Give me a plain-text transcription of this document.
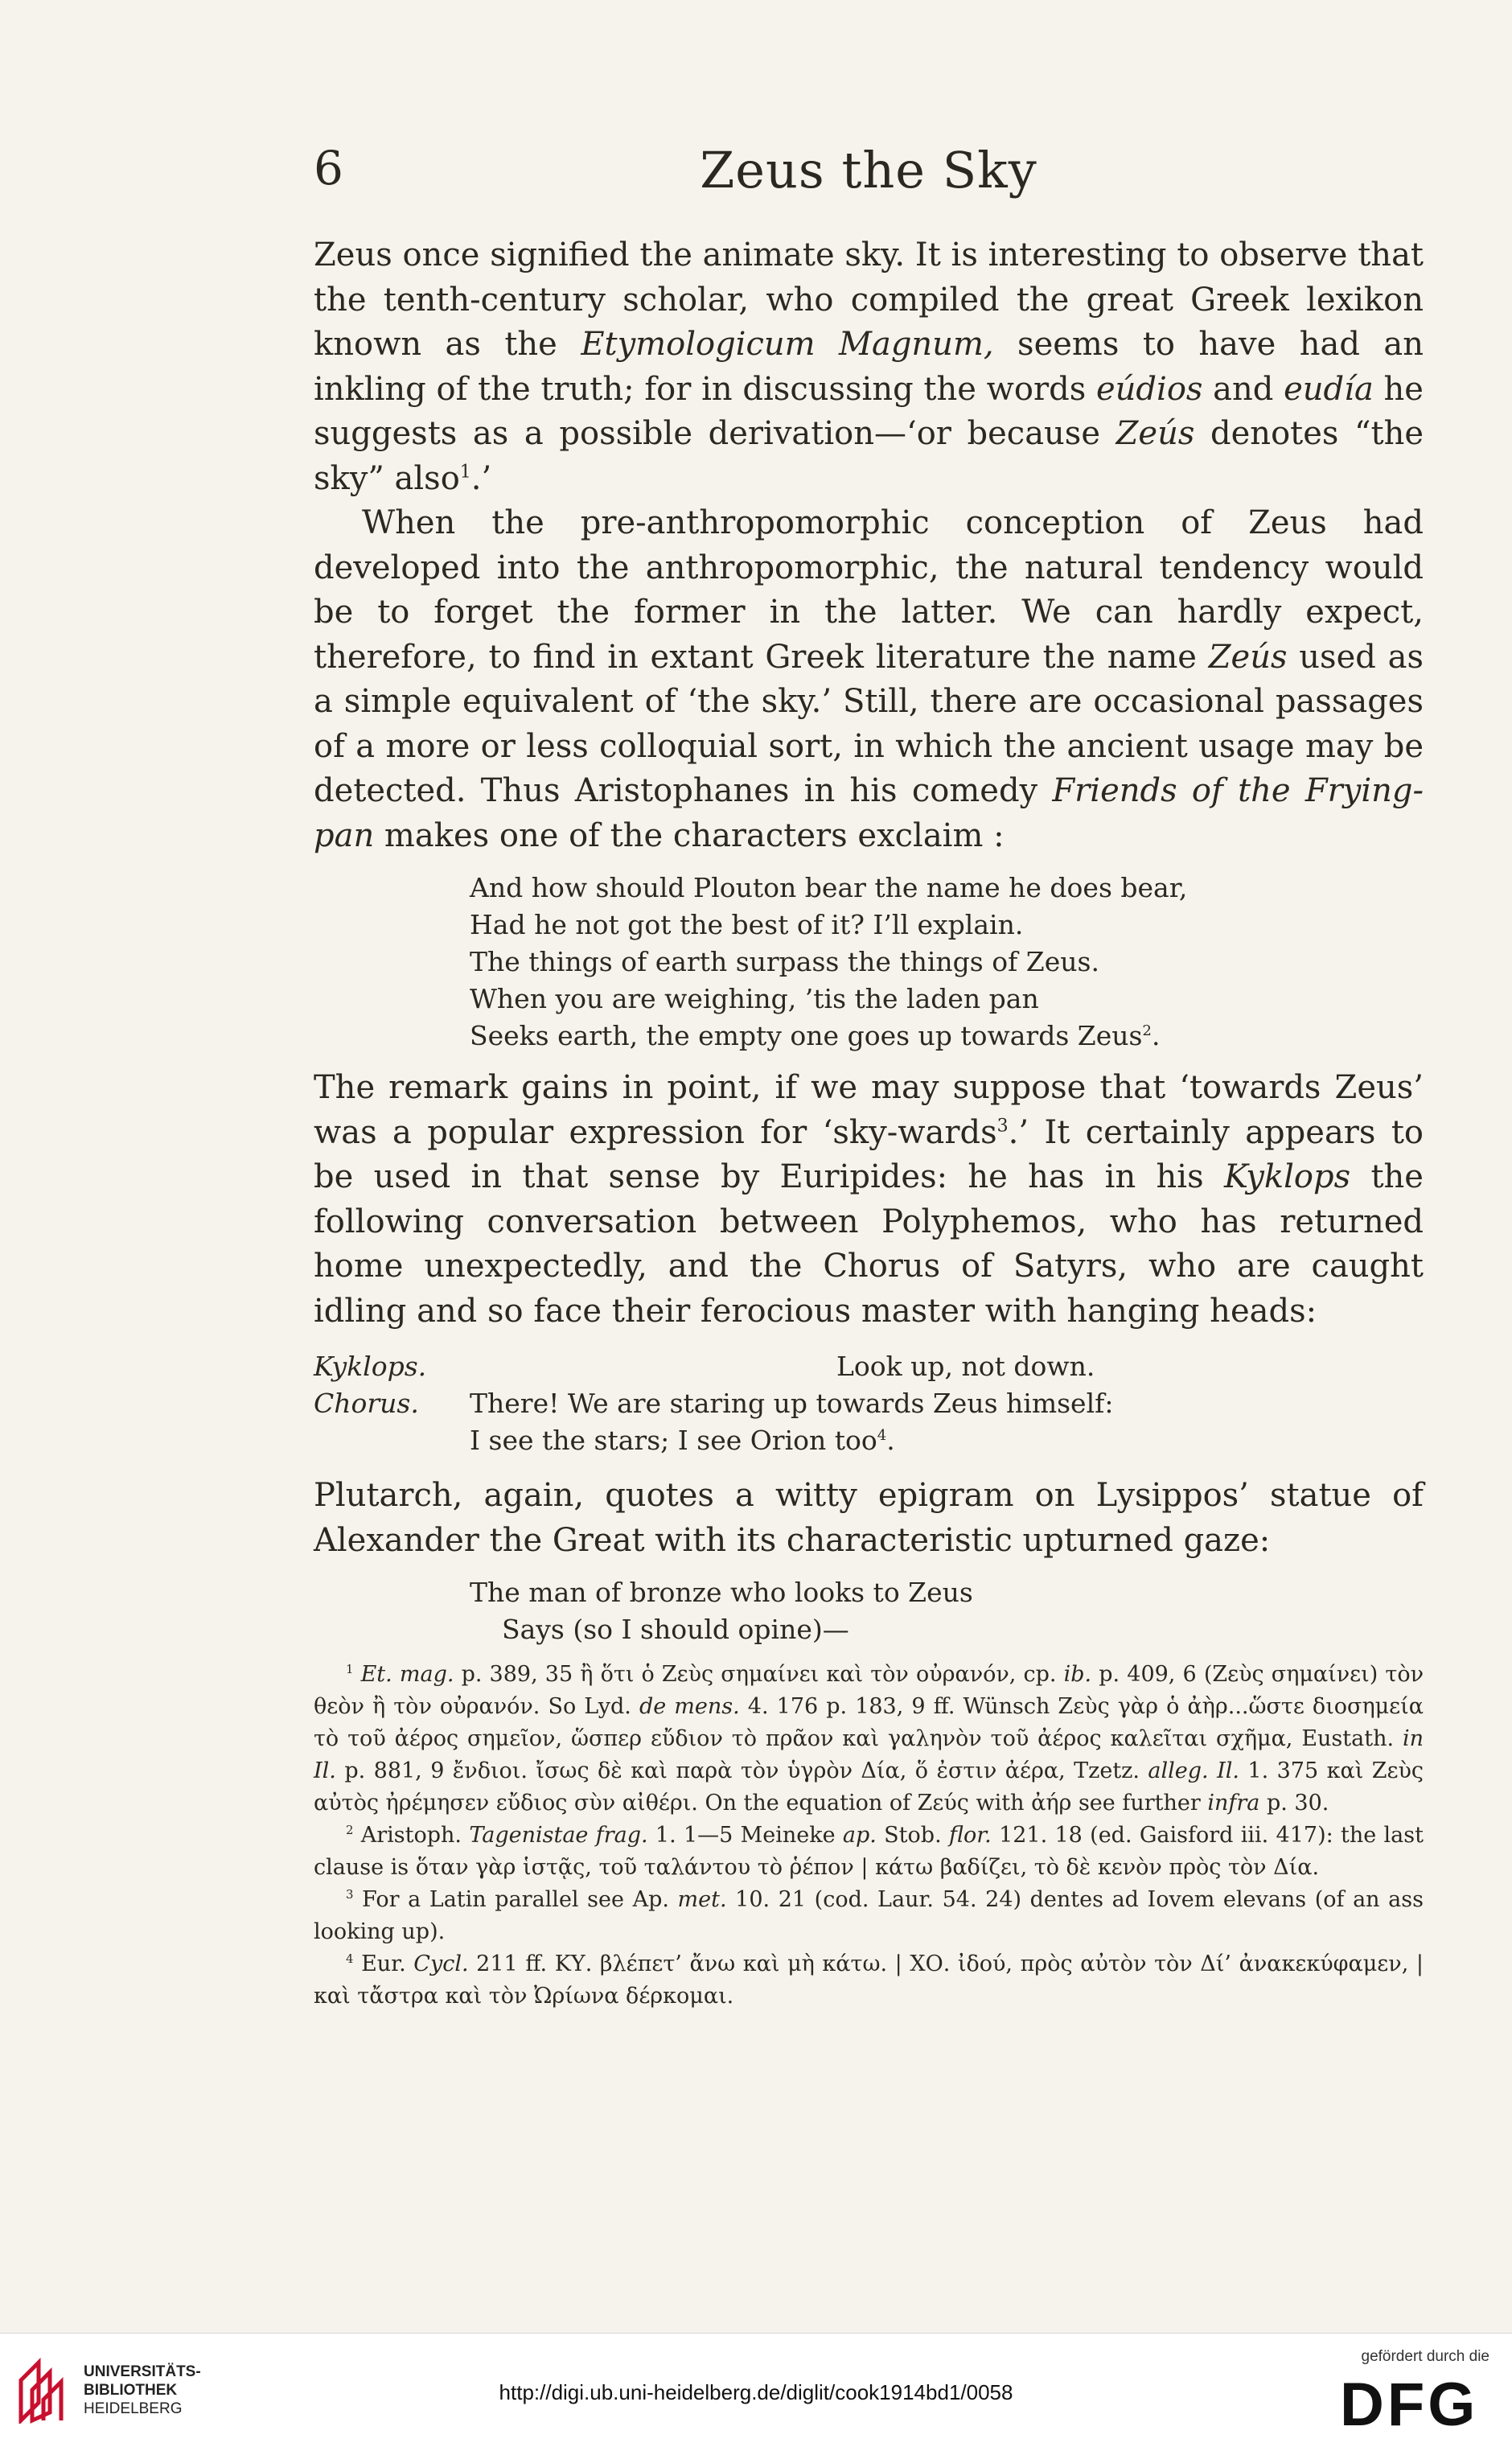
6	Zeus the Sky

Zeus once signified the animate sky. It is interesting to observe that the tenth-century scholar, who compiled the great Greek lexikon known as the Etymologicum Magnum, seems to have had an inkling of the truth; for in discussing the words eúdios and eudía he suggests as a possible derivation—‘or because Zeús denotes “the sky” also$^1$.’

When the pre-anthropomorphic conception of Zeus had developed into the anthropomorphic, the natural tendency would be to forget the former in the latter. We can hardly expect, therefore, to find in extant Greek literature the name Zeús used as a simple equivalent of ‘the sky.’ Still, there are occasional passages of a more or less colloquial sort, in which the ancient usage may be detected. Thus Aristophanes in his comedy Friends of the Frying-pan makes one of the characters exclaim :

And how should Plouton bear the name he does bear,
Had he not got the best of it? I’ll explain.
The things of earth surpass the things of Zeus.
When you are weighing, ’tis the laden pan
Seeks earth, the empty one goes up towards Zeus$^2$.

The remark gains in point, if we may suppose that ‘towards Zeus’ was a popular expression for ‘sky-wards$^3$.’ It certainly appears to be used in that sense by Euripides: he has in his Kyklops the following conversation between Polyphemos, who has returned home unexpectedly, and the Chorus of Satyrs, who are caught idling and so face their ferocious master with hanging heads:

Kyklops.	Look up, not down.
Chorus. There! We are staring up towards Zeus himself:
I see the stars; I see Orion too$^4$.

Plutarch, again, quotes a witty epigram on Lysippos’ statue of Alexander the Great with its characteristic upturned gaze:

The man of bronze who looks to Zeus
Says (so I should opine)—

$^1$ Et. mag. p. 389, 35 ἢ ὅτι ὁ Ζεὺς σημαίνει καὶ τὸν οὐρανόν, cp. ib. p. 409, 6 (Ζεὺς σημαίνει) τὸν θεὸν ἢ τὸν οὐρανόν. So Lyd. de mens. 4. 176 p. 183, 9 ff. Wünsch Ζεὺς γὰρ ὁ ἀὴρ...ὥστε διοσημεία τὸ τοῦ ἀέρος σημεῖον, ὥσπερ εὔδιον τὸ πρᾶον καὶ γαληνὸν τοῦ ἀέρος καλεῖται σχῆμα, Eustath. in Il. p. 881, 9 ἔνδιοι. ἴσως δὲ καὶ παρὰ τὸν ὑγρὸν Δία, ὅ ἐστιν ἀέρα, Tzetz. alleg. Il. 1. 375 καὶ Ζεὺς αὐτὸς ἠρέμησεν εὔδιος σὺν αἰθέρι. On the equation of Ζεύς with ἀήρ see further infra p. 30.

$^2$ Aristoph. Tagenistae frag. 1. 1—5 Meineke ap. Stob. flor. 121. 18 (ed. Gaisford iii. 417): the last clause is ὅταν γὰρ ἱστᾷς, τοῦ ταλάντου τὸ ῥέπον | κάτω βαδίζει, τὸ δὲ κενὸν πρὸς τὸν Δία.

$^3$ For a Latin parallel see Ap. met. 10. 21 (cod. Laur. 54. 24) dentes ad Iovem elevans (of an ass looking up).

$^4$ Eur. Cycl. 211 ff. ΚΥ. βλέπετ’ ἄνω καὶ μὴ κάτω. | ΧΟ. ἰδού, πρὸς αὐτὸν τὸν Δί’ ἀνακεκύφαμεν, | καὶ τἄστρα καὶ τὸν Ὠρίωνα δέρκομαι.

UNIVERSITÄTS-
BIBLIOTHEK
HEIDELBERG
http://digi.ub.uni-heidelberg.de/diglit/cook1914bd1/0058
gefördert durch die
DFG
